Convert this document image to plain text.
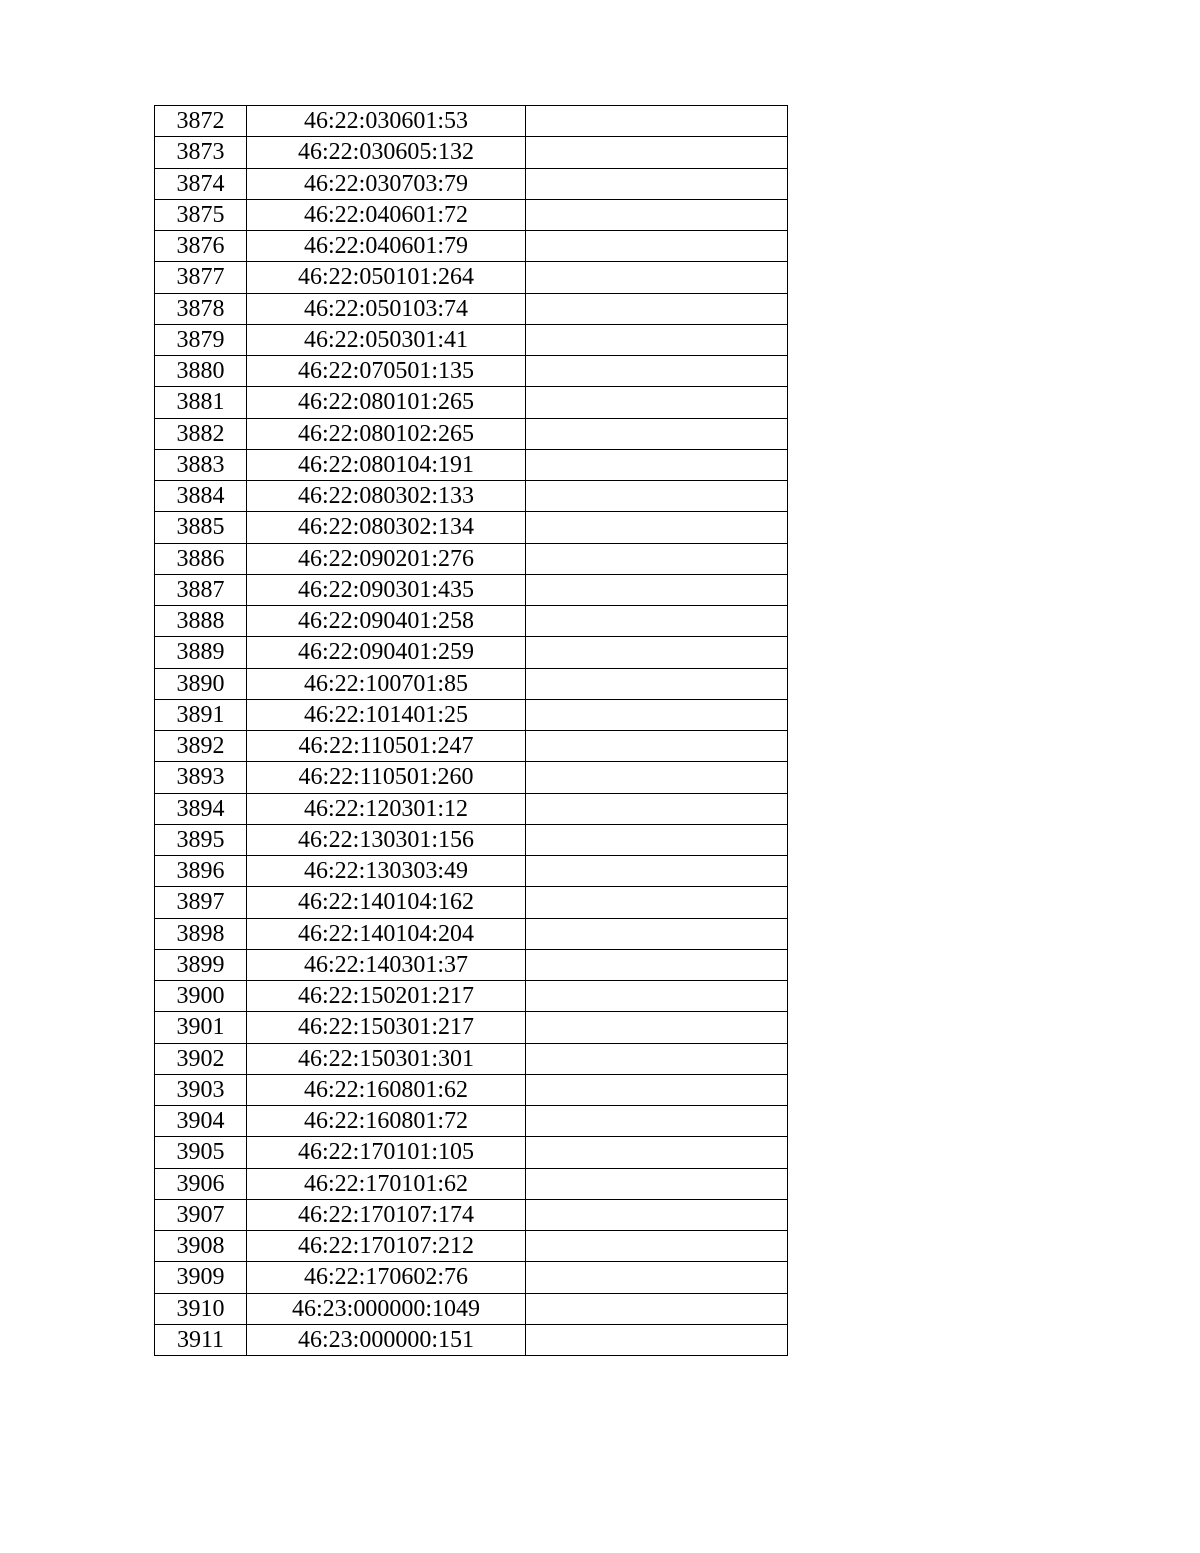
3872	46:22:030601:53	
3873	46:22:030605:132	
3874	46:22:030703:79	
3875	46:22:040601:72	
3876	46:22:040601:79	
3877	46:22:050101:264	
3878	46:22:050103:74	
3879	46:22:050301:41	
3880	46:22:070501:135	
3881	46:22:080101:265	
3882	46:22:080102:265	
3883	46:22:080104:191	
3884	46:22:080302:133	
3885	46:22:080302:134	
3886	46:22:090201:276	
3887	46:22:090301:435	
3888	46:22:090401:258	
3889	46:22:090401:259	
3890	46:22:100701:85	
3891	46:22:101401:25	
3892	46:22:110501:247	
3893	46:22:110501:260	
3894	46:22:120301:12	
3895	46:22:130301:156	
3896	46:22:130303:49	
3897	46:22:140104:162	
3898	46:22:140104:204	
3899	46:22:140301:37	
3900	46:22:150201:217	
3901	46:22:150301:217	
3902	46:22:150301:301	
3903	46:22:160801:62	
3904	46:22:160801:72	
3905	46:22:170101:105	
3906	46:22:170101:62	
3907	46:22:170107:174	
3908	46:22:170107:212	
3909	46:22:170602:76	
3910	46:23:000000:1049	
3911	46:23:000000:151	
